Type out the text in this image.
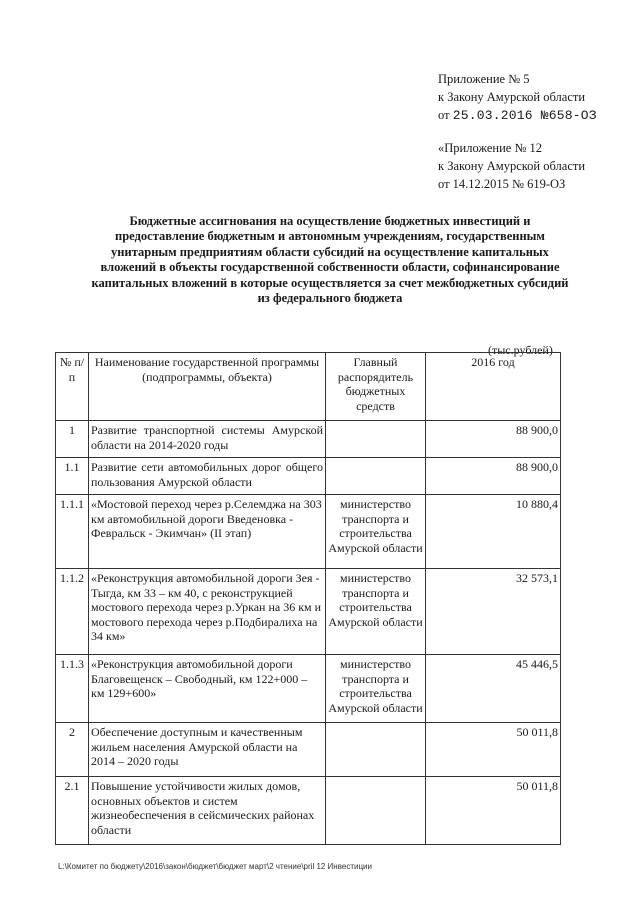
Приложение № 5
к Закону Амурской области
от 25.03.2016 №658-ОЗ
«Приложение № 12
к Закону Амурской области
от 14.12.2015 № 619-ОЗ
Бюджетные ассигнования на осуществление бюджетных инвестиций и
предоставление бюджетным и автономным учреждениям, государственным
унитарным предприятиям области субсидий на осуществление капитальных
вложений в объекты государственной собственности области, софинансирование
капитальных вложений в которые осуществляется за счет межбюджетных субсидий
из федерального бюджета
(тыс.рублей)
№ п/п	Наименование государственной программы (подпрограммы, объекта)	Главный распорядитель бюджетных средств	2016 год
1	Развитие транспортной системы Амурской области на 2014-2020 годы		88 900,0
1.1	Развитие сети автомобильных дорог общего пользования Амурской области		88 900,0
1.1.1	«Мостовой переход через р.Селемджа на 303 км автомобильной дороги Введеновка - Февральск - Экимчан» (II этап)	министерство транспорта и строительства Амурской области	10 880,4
1.1.2	«Реконструкция автомобильной дороги Зея - Тыгда, км 33 – км 40, с реконструкцией мостового перехода через р.Уркан на 36 км и мостового перехода через р.Подбиралиха на 34 км»	министерство транспорта и строительства Амурской области	32 573,1
1.1.3	«Реконструкция автомобильной дороги Благовещенск – Свободный, км 122+000 – км 129+600»	министерство транспорта и строительства Амурской области	45 446,5
2	Обеспечение доступным и качественным жильем населения Амурской области на 2014 – 2020 годы		50 011,8
2.1	Повышение устойчивости жилых домов, основных объектов и систем жизнеобеспечения в сейсмических районах области		50 011,8
L:\Комитет по бюджету\2016\закон\бюджет\бюджет март\2 чтение\pril 12 Инвестиции
